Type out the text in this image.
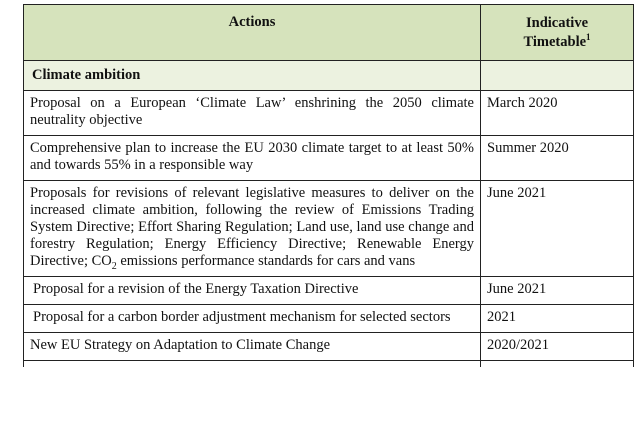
Actions	Indicative
Timetable$^1$
Climate ambition	
Proposal on a European ‘Climate Law’ enshrining the 2050 climate neutrality objective	March 2020
Comprehensive plan to increase the EU 2030 climate target to at least 50% and towards 55% in a responsible way	Summer 2020
Proposals for revisions of relevant legislative measures to deliver on the increased climate ambition, following the review of Emissions Trading System Directive; Effort Sharing Regulation; Land use, land use change and forestry Regulation; Energy Efficiency Directive; Renewable Energy Directive; $CO_2$ emissions performance standards for cars and vans	June 2021
Proposal for a revision of the Energy Taxation Directive	June 2021
Proposal for a carbon border adjustment mechanism for selected sectors	2021
New EU Strategy on Adaptation to Climate Change	2020/2021
